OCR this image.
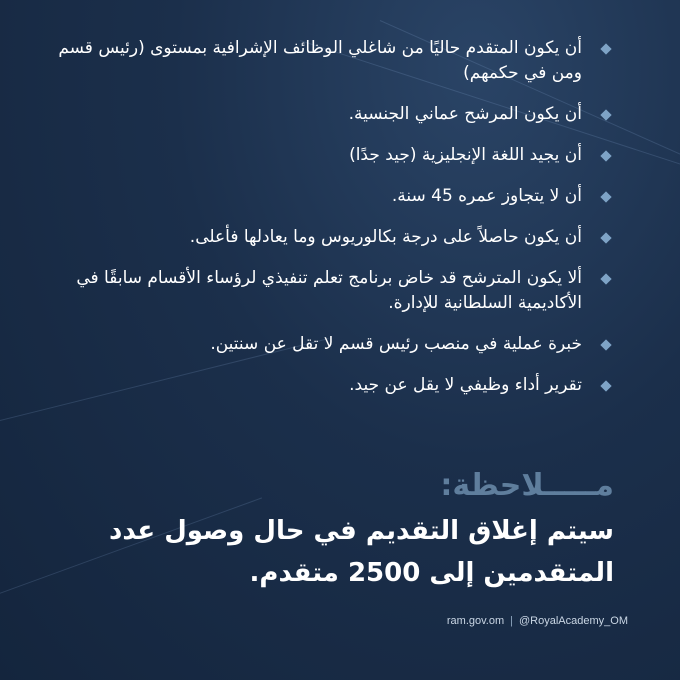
أن يكون المتقدم حاليًا من شاغلي الوظائف الإشرافية بمستوى (رئيس قسم ومن في حكمهم)
أن يكون المرشح عماني الجنسية.
أن يجيد اللغة الإنجليزية (جيد جدًا)
أن لا يتجاوز عمره 45 سنة.
أن يكون حاصلاً على درجة بكالوريوس وما يعادلها فأعلى.
ألا يكون المترشح قد خاض برنامج تعلم تنفيذي لرؤساء الأقسام سابقًا في الأكاديمية السلطانية للإدارة.
خبرة عملية في منصب رئيس قسم لا تقل عن سنتين.
تقرير أداء وظيفي لا يقل عن جيد.
مـــــلاحظة:
سيتم إغلاق التقديم في حال وصول عدد المتقدمين إلى 2500 متقدم.
ram.gov.om | @RoyalAcademy_OM
